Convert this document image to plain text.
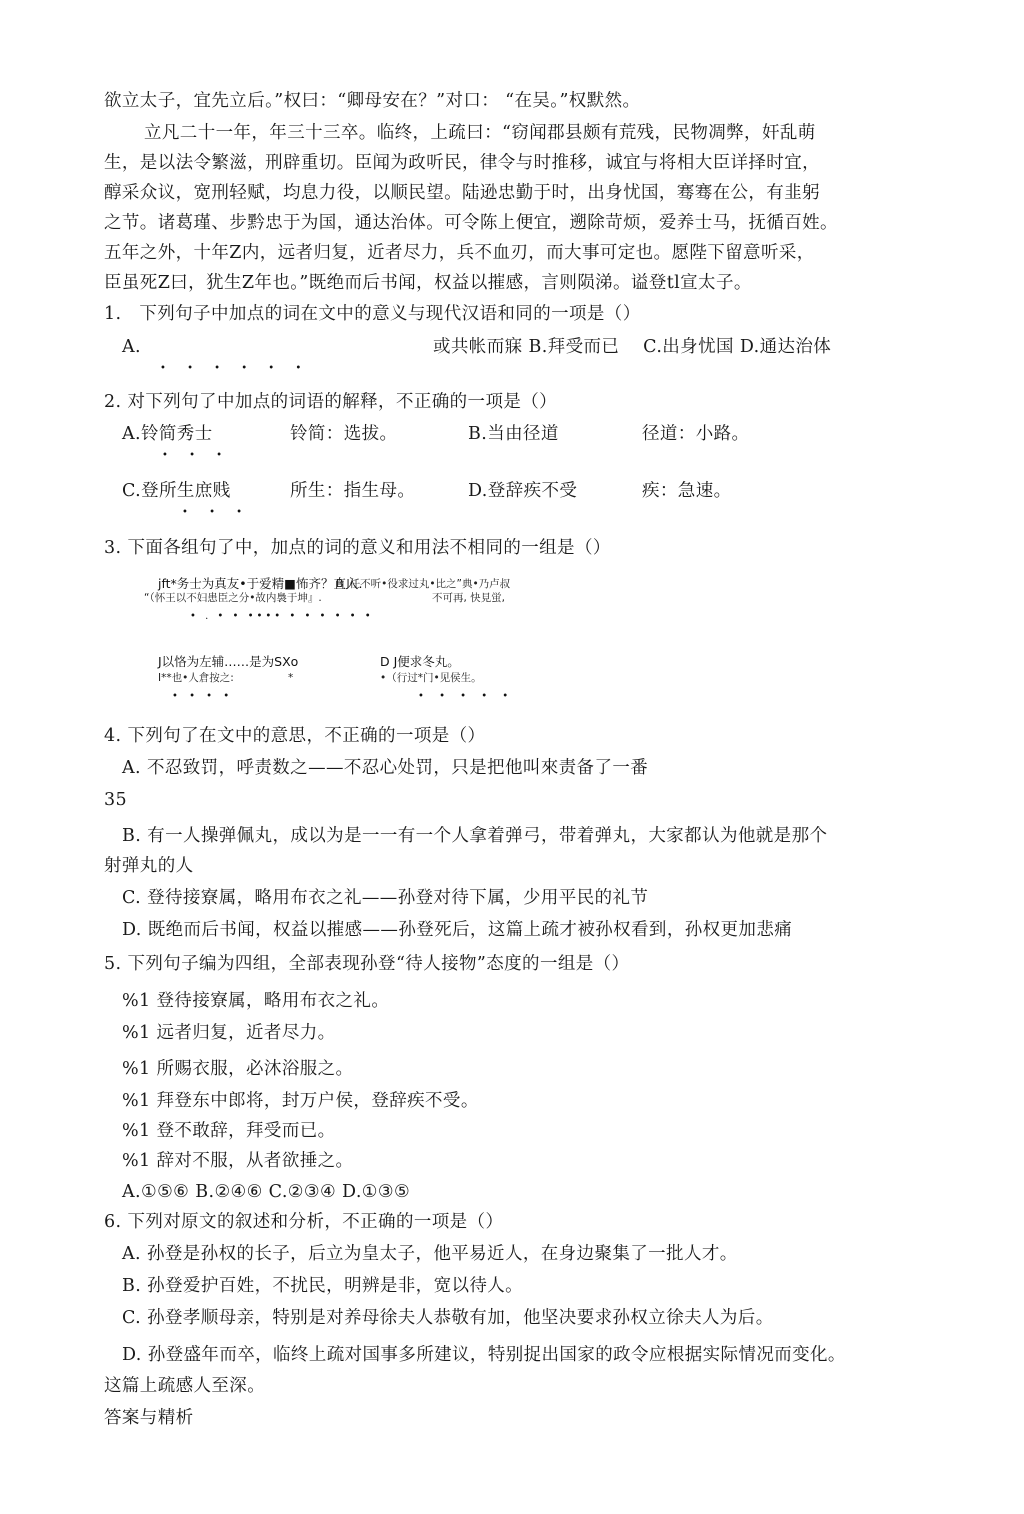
欲立太子，宜先立后。”权曰：“卿母安在？”对口： “在吴。”权默然。
立凡二十一年，年三十三卒。临终，上疏曰：“窃闻郡县颇有荒残，民物凋弊，奸乱萌
生，是以法令繁滋，刑辟重切。臣闻为政听民，律令与时推移，诚宜与将相大臣详择时宜，
醇采众议，宽刑轻赋，均息力役，以顺民望。陆逊忠勤于时，出身忧国，骞骞在公，有韭躬
之节。诸葛瑾、步黔忠于为国，通达治体。可令陈上便宜，遡除苛烦，爱养士马，抚循百姓。
五年之外，十年Z内，远者归复，近者尽力，兵不血刃，而大事可定也。愿陛下留意听采，
臣虽死Z曰，犹生Z年也。”既绝而后书闻，权益以摧感，言则陨涕。谥登tl宣太子。
1.　下列句子中加点的词在文中的意义与现代汉语和同的一项是（）
A.	或共帐而寐 B.拜受而已　 C.出身忧国 D.通达治体
• • • • • •
2. 对下列句了中加点的词语的解释，不正确的一项是（）
A.铃简秀士	铃简：选拔。	B.当由径道	径道：小路。
• • •
C.登所生庶贱	所生：指生母。	D.登辞疾不受	疾：急速。
• • •
3. 下面各组句了中，加点的词的意义和用法不相同的一组是（）
jft*务士为真友•于爱精■怖齐？直入.
B J任不听•役求过丸•比之”典•乃卢叔
“（怀王以不妇患臣之分•故内裊于坤』.	不可再, 快見蛍,
• . • • •••• • • • • • •
J以恪为左辅……是为SXo	D J便求冬丸。
I**也•人倉按之:	*	•（行过*门•见侯生。
• • • •	• • • • •
4. 下列句了在文中的意思，不正确的一项是（）
A. 不忍致罚，呼责数之——不忍心处罚，只是把他叫來责备了一番
35
B. 有一人操弹佩丸，成以为是一一有一个人拿着弹弓，带着弹丸，大家都认为他就是那个
射弹丸的人
C. 登待接寮属，略用布衣之礼——孙登对待下属，少用平民的礼节
D. 既绝而后书闻，权益以摧感——孙登死后，这篇上疏才被孙权看到，孙权更加悲痛
5. 下列句子编为四组，全部表现孙登“待人接物”态度的一组是（）
%1 登待接寮属，略用布衣之礼。
%1 远者归复，近者尽力。
%1 所赐衣服，必沐浴服之。
%1 拜登东中郎将，封万户侯，登辞疾不受。
%1 登不敢辞，拜受而已。
%1 辞对不服，从者欲捶之。
A.①⑤⑥ B.②④⑥ C.②③④ D.①③⑤
6. 下列对原文的叙述和分析，不正确的一项是（）
A. 孙登是孙权的长子，后立为皇太子，他平易近人，在身边聚集了一批人才。
B. 孙登爱护百姓，不扰民，明辨是非，宽以待人。
C. 孙登孝顺母亲，特别是对养母徐夫人恭敬有加，他坚决要求孙权立徐夫人为后。
D. 孙登盛年而卒，临终上疏对国事多所建议，特别捉出国家的政令应根据实际情况而变化。
这篇上疏感人至深。
答案与精析
